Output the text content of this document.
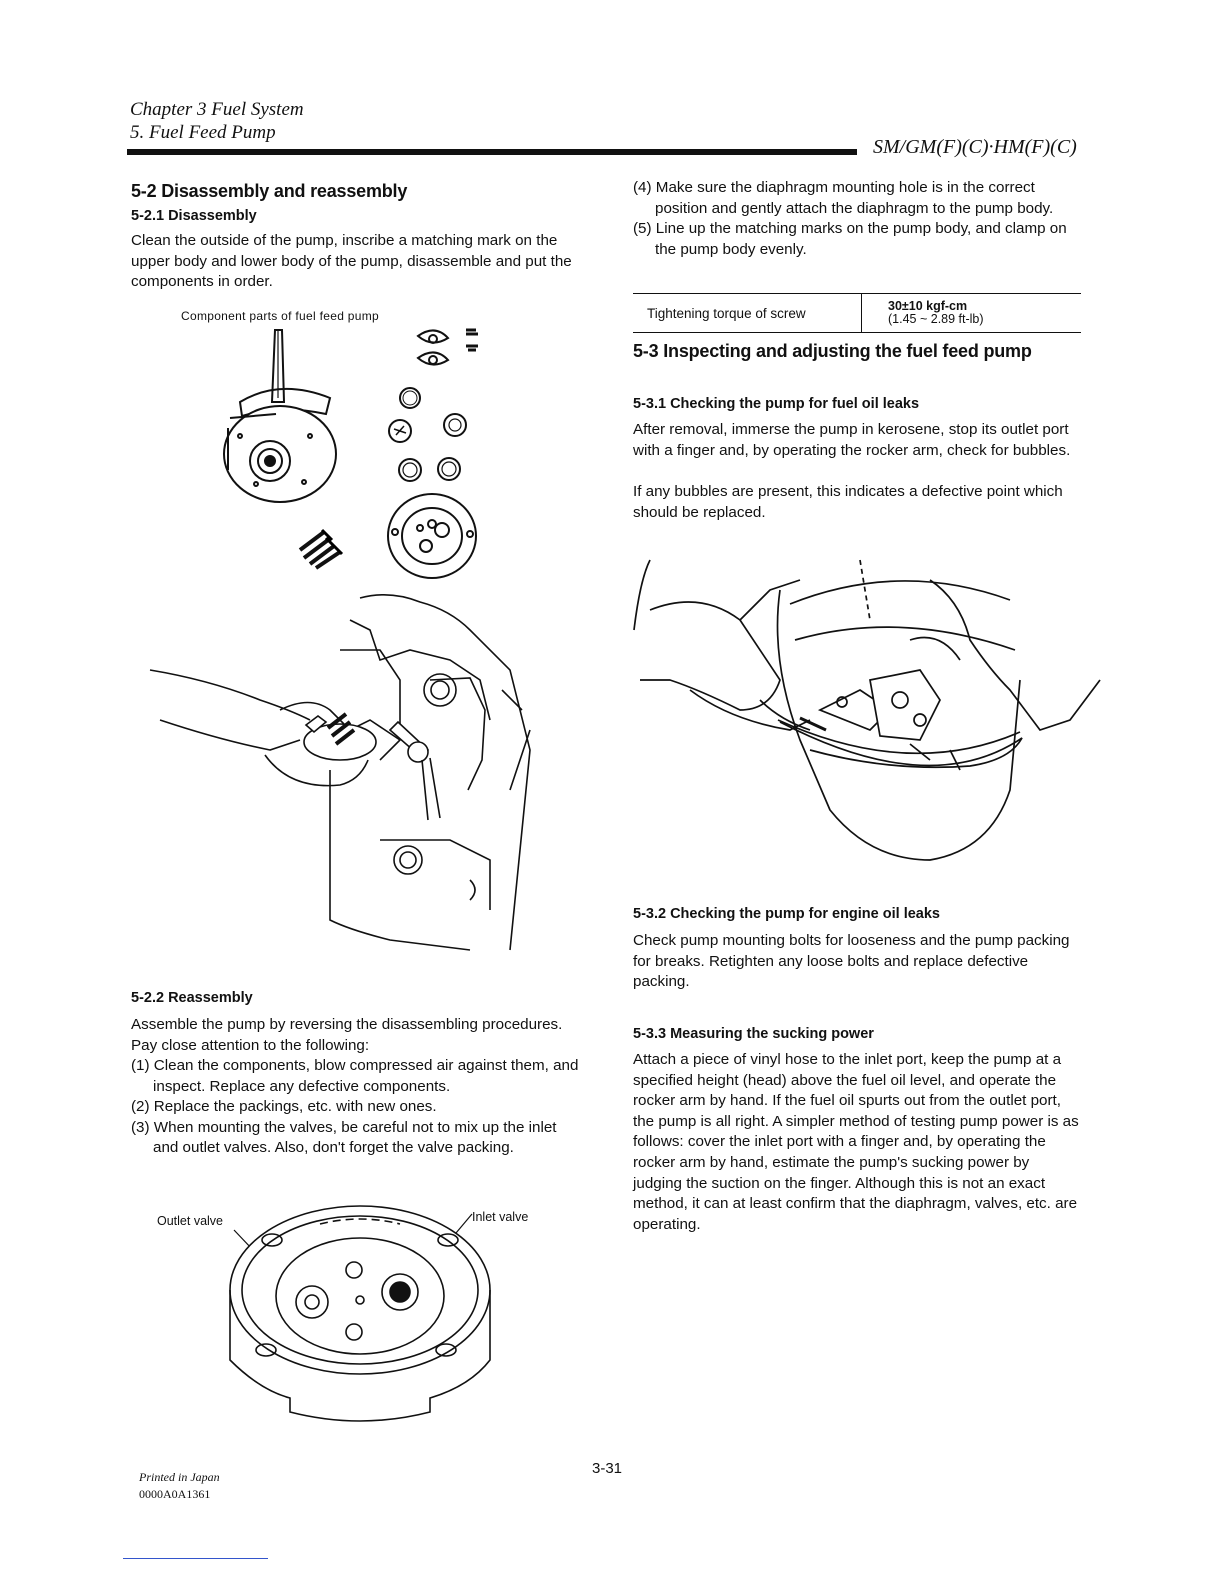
Chapter 3 Fuel System
5. Fuel Feed Pump
SM/GM(F)(C)·HM(F)(C)
5-2 Disassembly and reassembly
5-2.1 Disassembly
Clean the outside of the pump, inscribe a matching mark on the upper body and lower body of the pump, disassemble and put the components in order.
Component parts of fuel feed pump
5-2.2 Reassembly
Assemble the pump by reversing the disassembling procedures. Pay close attention to the following:
(1) Clean the components, blow compressed air against them, and inspect. Replace any defective components.
(2) Replace the packings, etc. with new ones.
(3) When mounting the valves, be careful not to mix up the inlet and outlet valves. Also, don't forget the valve packing.
Outlet valve	Inlet valve
(4) Make sure the diaphragm mounting hole is in the correct position and gently attach the diaphragm to the pump body.
(5) Line up the matching marks on the pump body, and clamp on the pump body evenly.
Tightening torque of screw	30±10 kgf-cm
(1.45 ~ 2.89 ft-lb)
5-3 Inspecting and adjusting the fuel feed pump
5-3.1 Checking the pump for fuel oil leaks
After removal, immerse the pump in kerosene, stop its outlet port with a finger and, by operating the rocker arm, check for bubbles.
If any bubbles are present, this indicates a defective point which should be replaced.
5-3.2 Checking the pump for engine oil leaks
Check pump mounting bolts for looseness and the pump packing for breaks. Retighten any loose bolts and replace defective packing.
5-3.3 Measuring the sucking power
Attach a piece of vinyl hose to the inlet port, keep the pump at a specified height (head) above the fuel oil level, and operate the rocker arm by hand. If the fuel oil spurts out from the outlet port, the pump is all right. A simpler method of testing pump power is as follows: cover the inlet port with a finger and, by operating the rocker arm by hand, estimate the pump's sucking power by judging the suction on the finger. Although this is not an exact method, it can at least confirm that the diaphragm, valves, etc. are operating.
Printed in Japan
0000A0A1361
3-31
